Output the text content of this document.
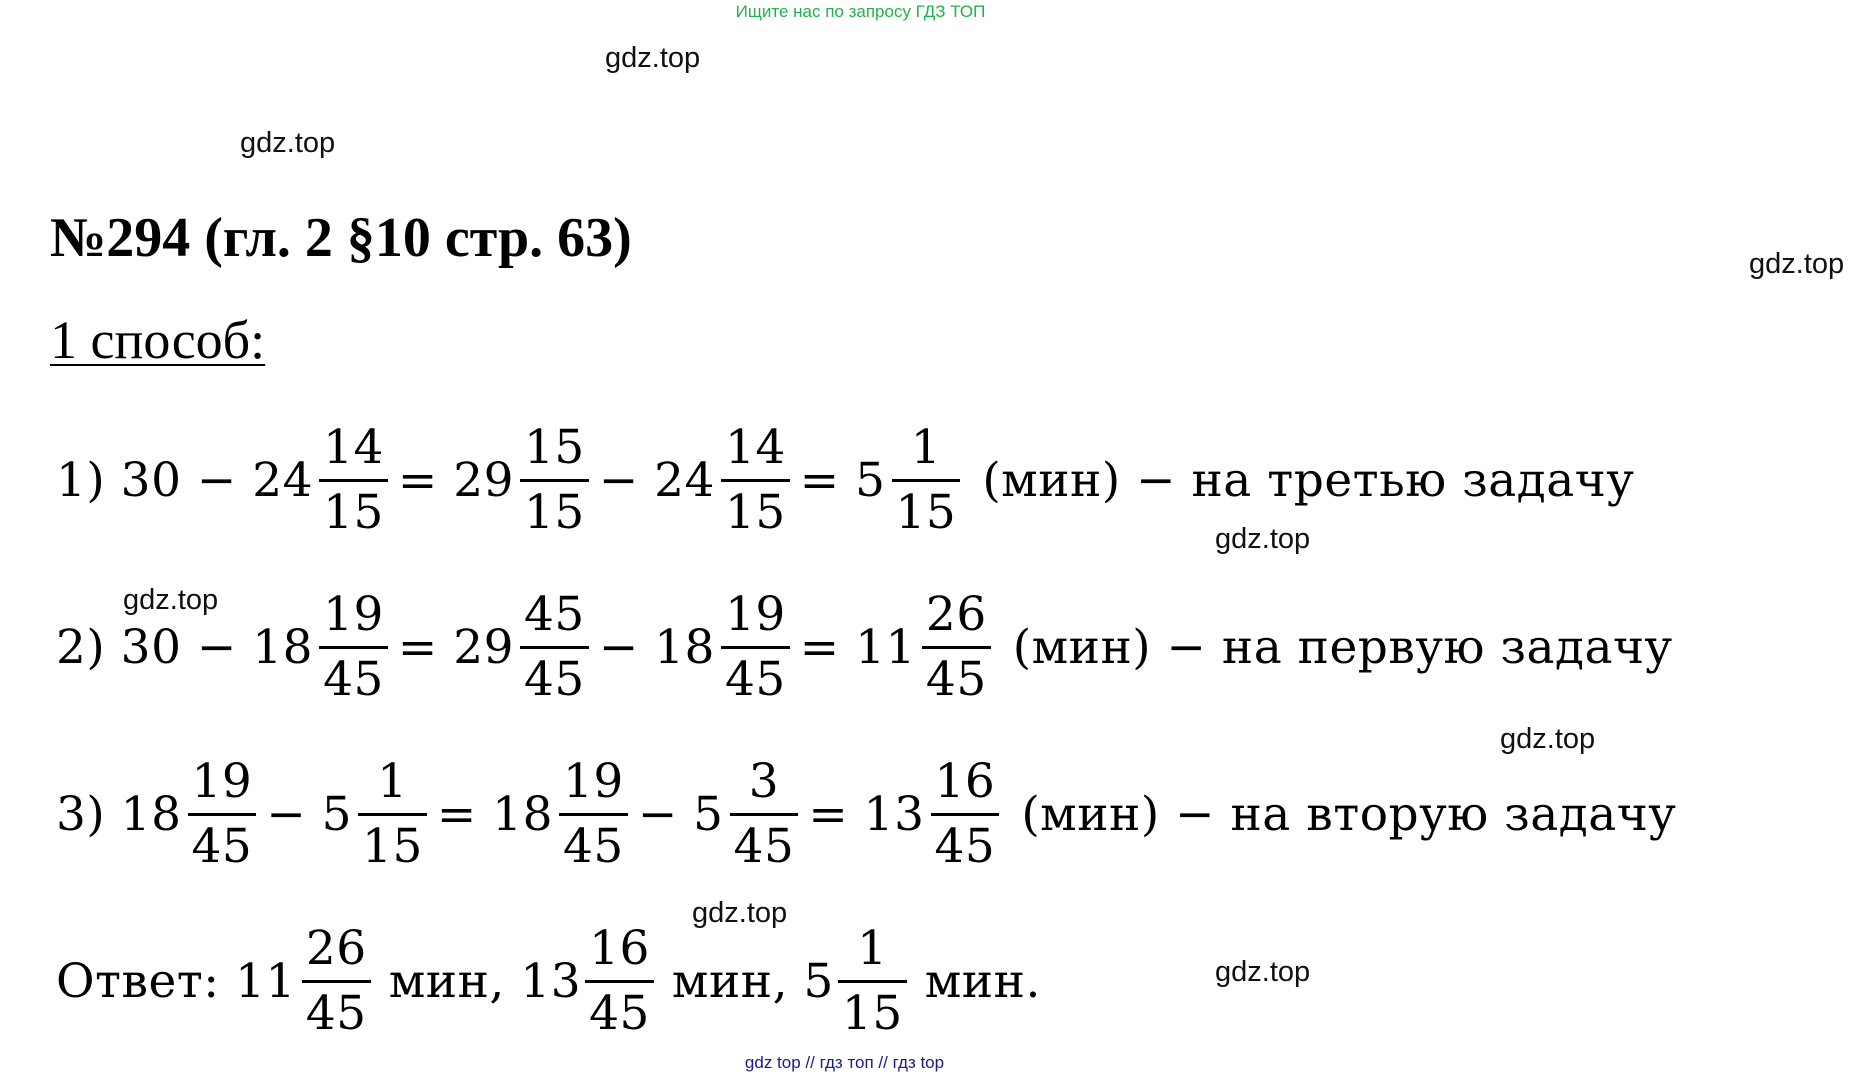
Ищите нас по запросу ГДЗ ТОП
gdz.top
gdz.top
gdz.top
gdz.top
gdz.top
gdz.top
gdz.top
gdz.top
№294 (гл. 2 §10 стр. 63)
1 способ:
1) $30 - 24 \frac{14}{15} = 29 \frac{15}{15} - 24 \frac{14}{15} = 5 \frac{1}{15} (мин)$ − на третью задачу
2) $30 - 18 \frac{19}{45} = 29 \frac{45}{45} - 18 \frac{19}{45} = 11 \frac{26}{45} (мин)$ − на первую задачу
3) $18 \frac{19}{45} - 5 \frac{1}{15} = 18 \frac{19}{45} - 5 \frac{3}{45} = 13 \frac{16}{45} (мин)$ − на вторую задачу
Ответ: $11 \frac{26}{45}$ мин, $13 \frac{16}{45}$ мин, $5 \frac{1}{15}$ мин.
gdz top // гдз топ // гдз top
